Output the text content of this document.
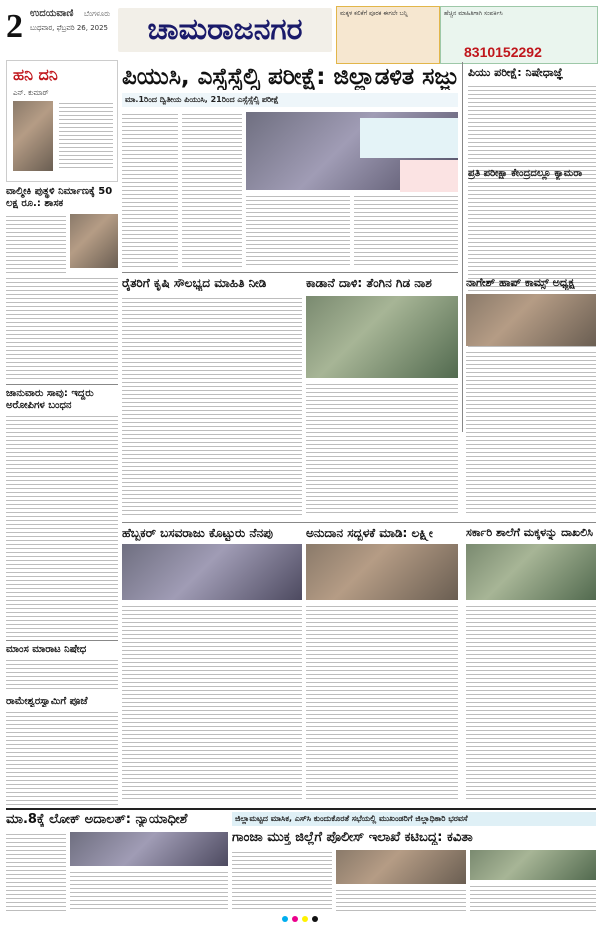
2 ಉದಯವಾಣಿ ಬೆಂಗಳೂರು
ಬುಧವಾರ, ಫೆಬ್ರವರಿ 26, 2025	ಚಾಮರಾಜನಗರ	ಮಕ್ಕಳ ಕಲಿಕೆಗೆ ಪೂರಕ ಈಗಲೇ ಬನ್ನಿ	ಹೆಚ್ಚಿನ ಮಾಹಿತಿಗಾಗಿ ಸಂಪರ್ಕಿಸಿ
8310152292
ಹನಿ ದನಿ
ಎನ್. ಕುಮಾರ್
ಪಿಯುಸಿ, ಎಸ್ಸೆಸ್ಸೆಲ್ಸಿ ಪರೀಕ್ಷೆ: ಜಿಲ್ಲಾಡಳಿತ ಸಜ್ಜು
ಮಾ.1ರಿಂದ ದ್ವಿತೀಯ ಪಿಯುಸಿ, 21ರಿಂದ ಎಸ್ಸೆಸ್ಸೆಲ್ಸಿ ಪರೀಕ್ಷೆ
ಪಿಯು ಪರೀಕ್ಷೆ: ನಿಷೇಧಾಜ್ಞೆ
ವಾಲ್ಮೀಕಿ ಪುತ್ಥಳಿ ನಿರ್ಮಾಣಕ್ಕೆ 50 ಲಕ್ಷ ರೂ.: ಶಾಸಕ
ಜಾನುವಾರು ಸಾವು: ಇದ್ದರು ಅರೋಪಿಗಳ ಬಂಧನ
ಮಾಂಸ ಮಾರಾಟ ನಿಷೇಧ
ರಾಮೇಶ್ವರಸ್ವಾಮಿಗೆ ಪೂಜೆ
ರೈತರಿಗೆ ಕೃಷಿ ಸೌಲಭ್ಯದ ಮಾಹಿತಿ ನೀಡಿ	ಕಾಡಾನೆ ದಾಳಿ: ತೆಂಗಿನ ಗಿಡ ನಾಶ	ನಾಗೇಶ್ ಹಾಪ್ ಕಾಮ್ಸ್ ಅಧ್ಯಕ್ಷ
ಪ್ರತಿ ಪರೀಕ್ಷಾ ಕೇಂದ್ರದಲ್ಲೂ ಕ್ಯಾಮರಾ
ಹೆಬ್ಬಕರ್ ಬಸವರಾಜು ಕೊಟ್ಟುರು ನೆನಪು	ಅನುದಾನ ಸದ್ಬಳಕೆ ಮಾಡಿ: ಲಕ್ಷ್ಮೀ	ಸರ್ಕಾರಿ ಶಾಲೆಗೆ ಮಕ್ಕಳನ್ನು ದಾಖಲಿಸಿ
ಜಿಲ್ಲಾಮಟ್ಟದ ಮಾಸಿಕ, ಎಸ್‌ಸಿ ಕುಂದುಕೊರತೆ ಸಭೆಯಲ್ಲಿ ಮುಖಂಡರಿಗೆ ಜಿಲ್ಲಾಧಿಕಾರಿ ಭರವಸೆ
ಮಾ.8ಕ್ಕೆ ಲೋಕ್ ಅದಾಲತ್: ನ್ಯಾಯಾಧೀಶೆ
ಗಾಂಜಾ ಮುಕ್ತ ಜಿಲ್ಲೆಗೆ ಪೊಲೀಸ್ ಇಲಾಖೆ ಕಟಿಬದ್ಧ: ಕವಿತಾ
